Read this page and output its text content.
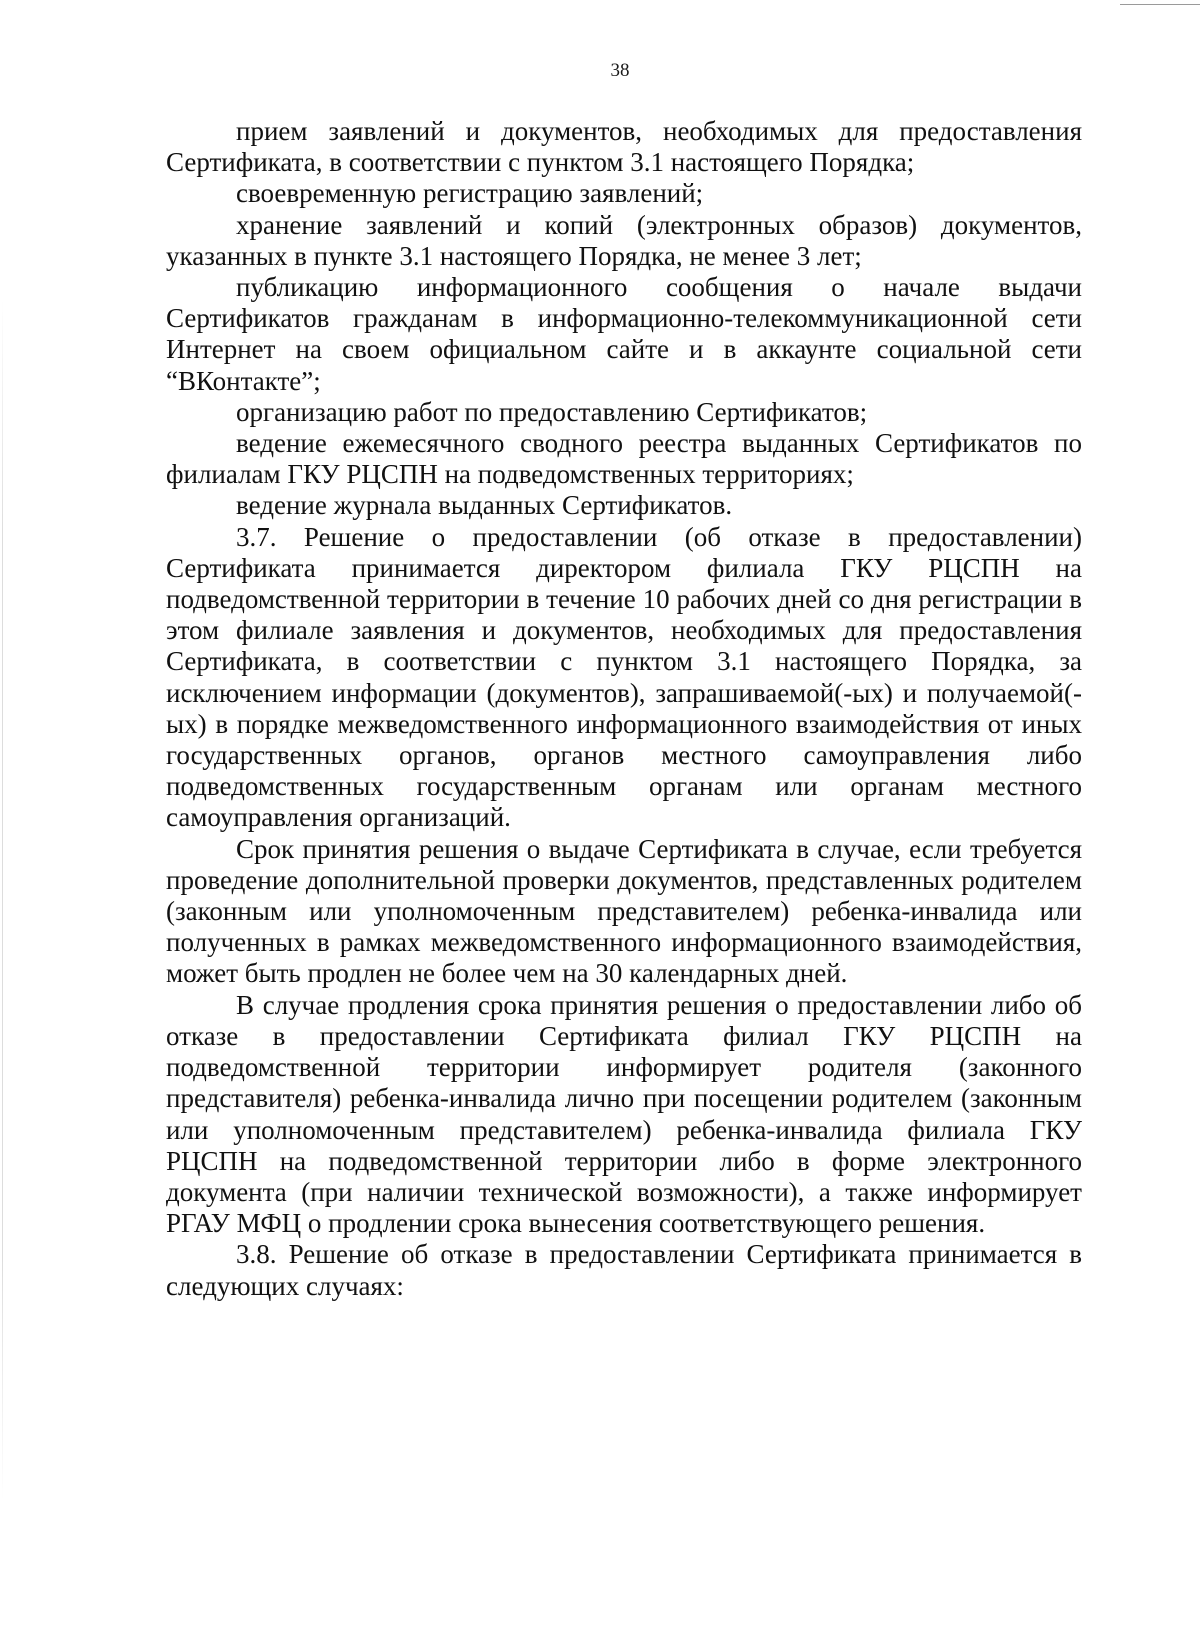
38

прием заявлений и документов, необходимых для предоставления Сертификата, в соответствии с пунктом 3.1 настоящего Порядка;

своевременную регистрацию заявлений;

хранение заявлений и копий (электронных образов) документов, указанных в пункте 3.1 настоящего Порядка, не менее 3 лет;

публикацию информационного сообщения о начале выдачи Сертификатов гражданам в информационно-телекоммуникационной сети Интернет на своем официальном сайте и в аккаунте социальной сети “ВКонтакте”;

организацию работ по предоставлению Сертификатов;

ведение ежемесячного сводного реестра выданных Сертификатов по филиалам ГКУ РЦСПН на подведомственных территориях;

ведение журнала выданных Сертификатов.

3.7. Решение о предоставлении (об отказе в предоставлении) Сертификата принимается директором филиала ГКУ РЦСПН на подведомственной территории в течение 10 рабочих дней со дня регистрации в этом филиале заявления и документов, необходимых для предоставления Сертификата, в соответствии с пунктом 3.1 настоящего Порядка, за исключением информации (документов), запрашиваемой(-ых) и получаемой(-ых) в порядке межведомственного информационного взаимодействия от иных государственных органов, органов местного самоуправления либо подведомственных государственным органам или органам местного самоуправления организаций.

Срок принятия решения о выдаче Сертификата в случае, если требуется проведение дополнительной проверки документов, представленных родителем (законным или уполномоченным представителем) ребенка-инвалида или полученных в рамках межведомственного информационного взаимодействия, может быть продлен не более чем на 30 календарных дней.

В случае продления срока принятия решения о предоставлении либо об отказе в предоставлении Сертификата филиал ГКУ РЦСПН на подведомственной территории информирует родителя (законного представителя) ребенка-инвалида лично при посещении родителем (законным или уполномоченным представителем) ребенка-инвалида филиала ГКУ РЦСПН на подведомственной территории либо в форме электронного документа (при наличии технической возможности), а также информирует РГАУ МФЦ о продлении срока вынесения соответствующего решения.

3.8. Решение об отказе в предоставлении Сертификата принимается в следующих случаях:
